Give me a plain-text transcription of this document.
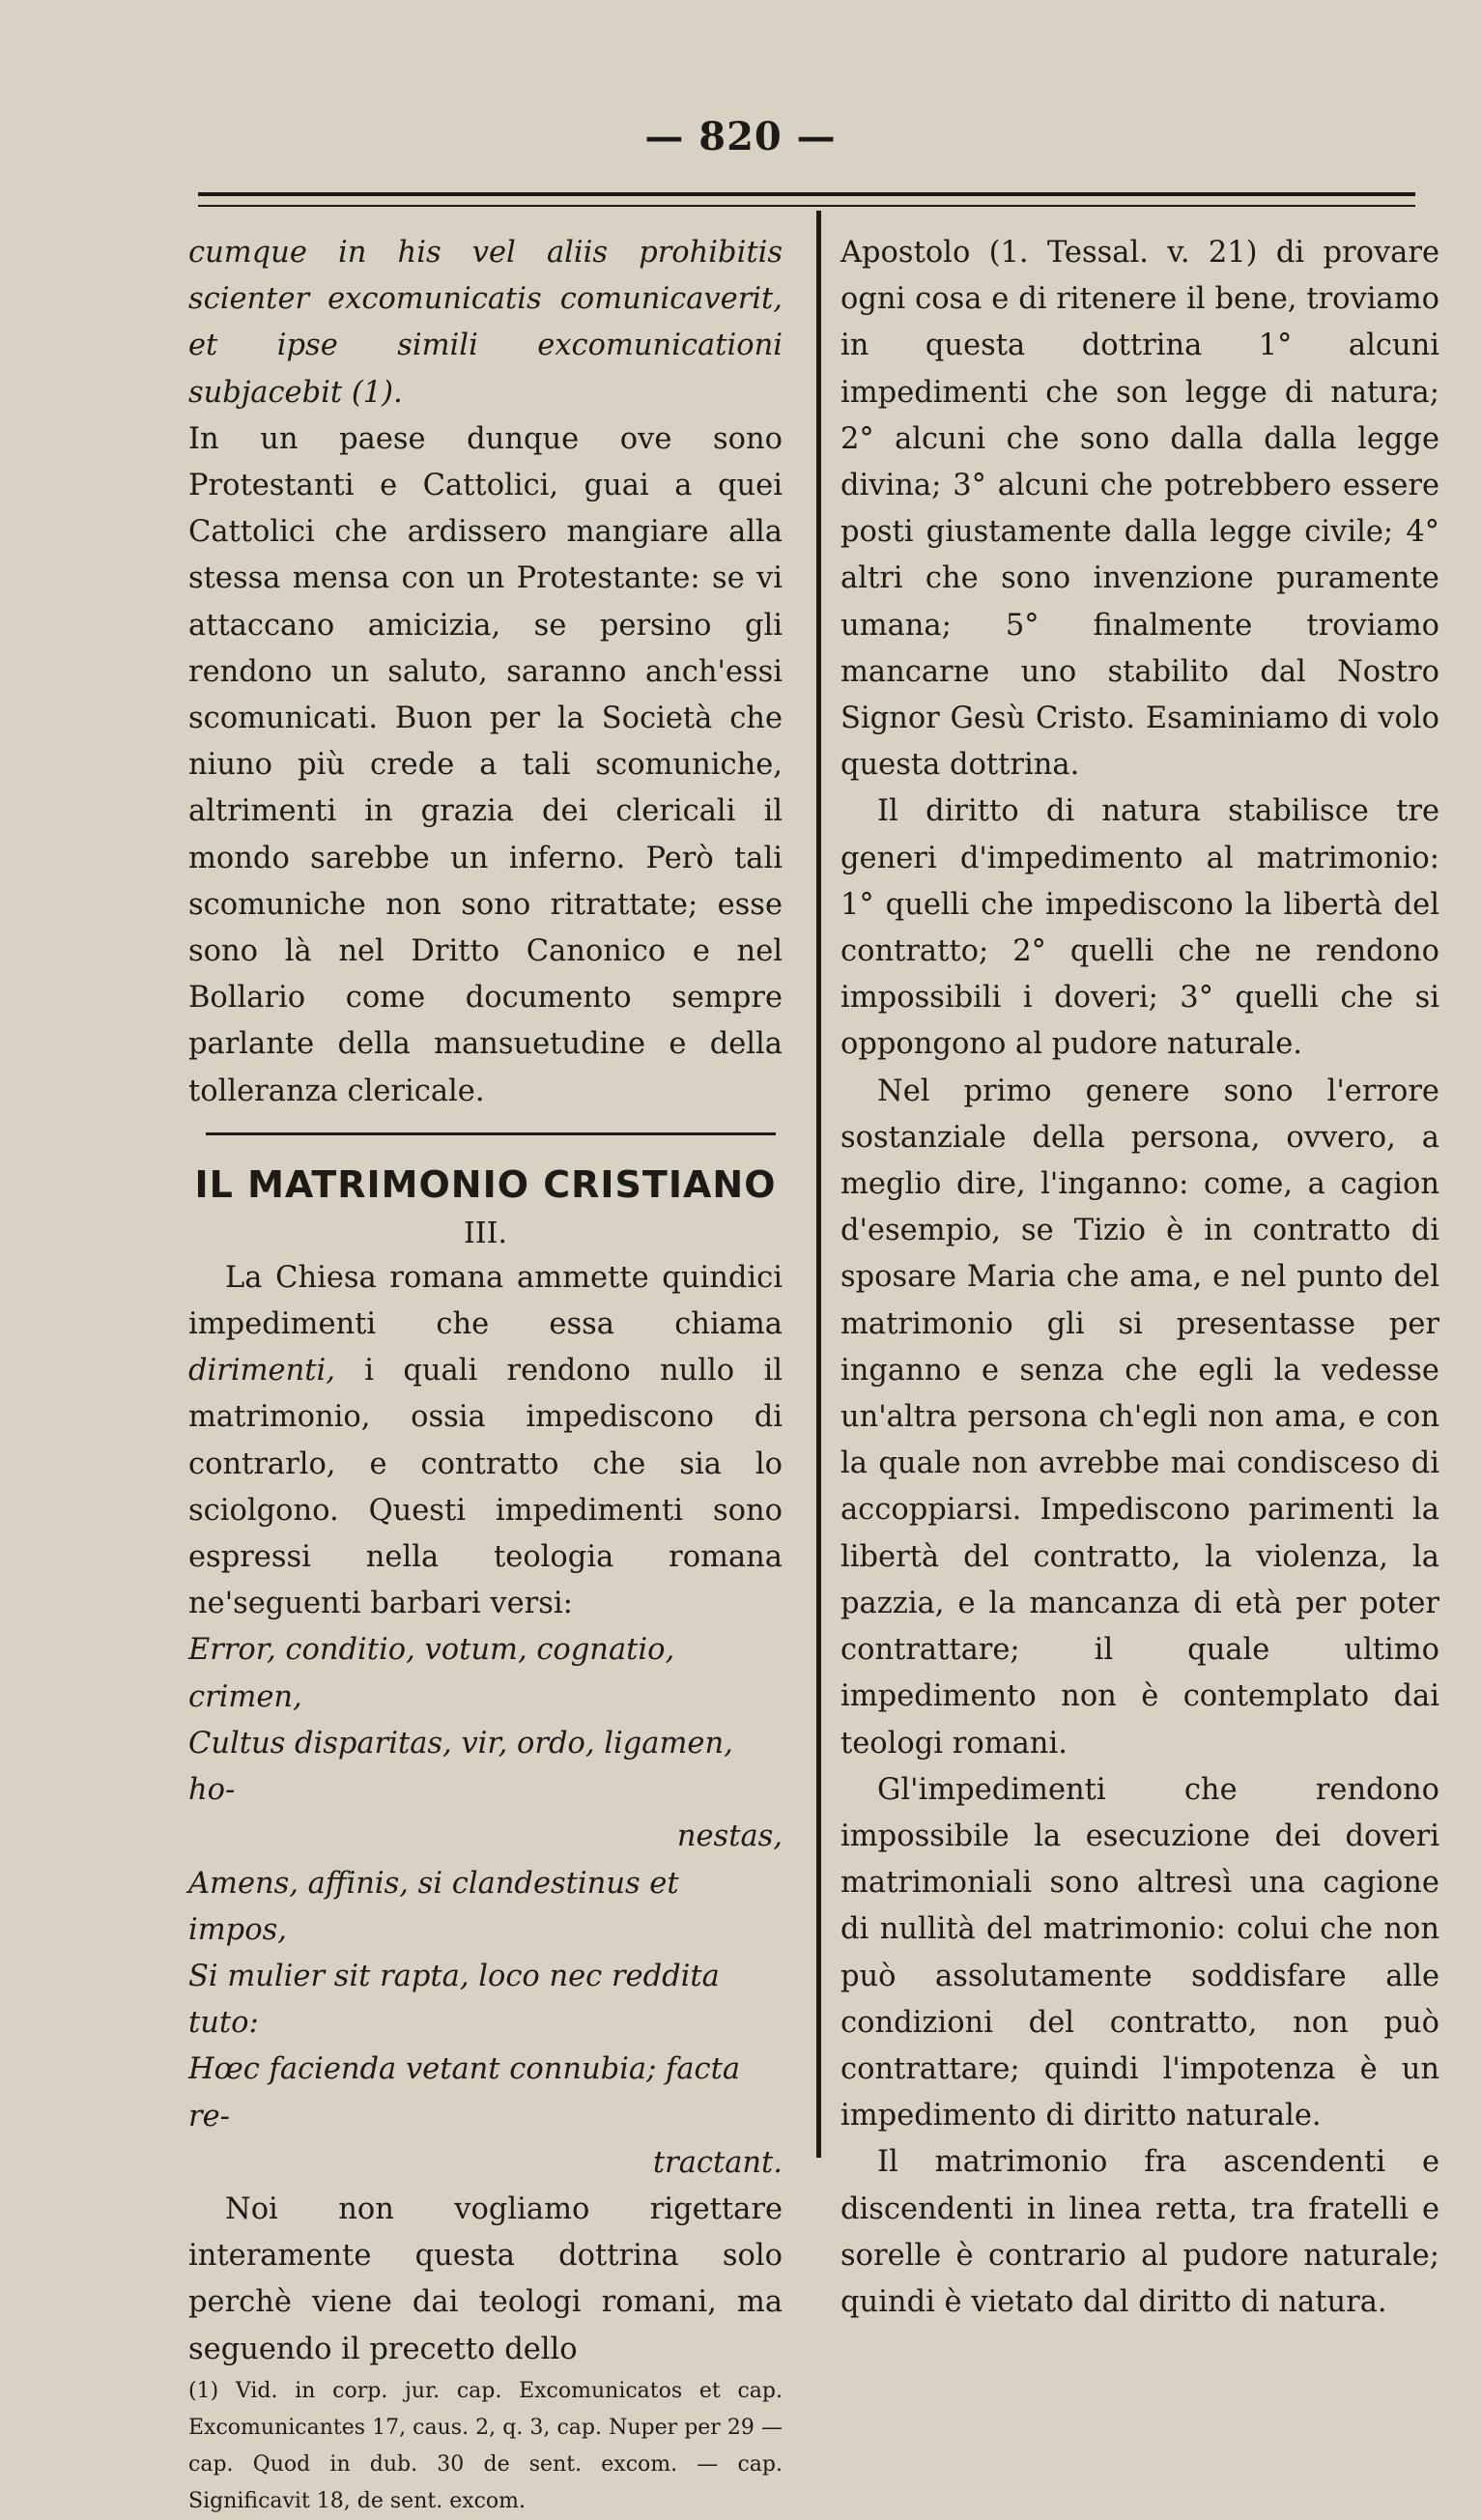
— 820 —

cumque in his vel aliis prohibitis scienter excomunicatis comunicaverit, et ipse simili excomunicationi subjacebit (1).

In un paese dunque ove sono Protestanti e Cattolici, guai a quei Cattolici che ardissero mangiare alla stessa mensa con un Protestante: se vi attaccano amicizia, se persino gli rendono un saluto, saranno anch'essi scomunicati. Buon per la Società che niuno più crede a tali scomuniche, altrimenti in grazia dei clericali il mondo sarebbe un inferno. Però tali scomuniche non sono ritrattate; esse sono là nel Dritto Canonico e nel Bollario come documento sempre parlante della mansuetudine e della tolleranza clericale.

IL MATRIMONIO CRISTIANO
III.

La Chiesa romana ammette quindici impedimenti che essa chiama dirimenti, i quali rendono nullo il matrimonio, ossia impediscono di contrarlo, e contratto che sia lo sciolgono. Questi impedimenti sono espressi nella teologia romana ne'seguenti barbari versi:

Error, conditio, votum, cognatio, crimen,
Cultus disparitas, vir, ordo, ligamen, ho-
nestas,
Amens, affinis, si clandestinus et impos,
Si mulier sit rapta, loco nec reddita tuto:
Hœc facienda vetant connubia; facta re-
tractant.

Noi non vogliamo rigettare interamente questa dottrina solo perchè viene dai teologi romani, ma seguendo il precetto dello

(1) Vid. in corp. jur. cap. Excomunicatos et cap. Excomunicantes 17, caus. 2, q. 3, cap. Nuper per 29 — cap. Quod in dub. 30 de sent. excom. — cap. Significavit 18, de sent. excom.

Apostolo (1. Tessal. v. 21) di provare ogni cosa e di ritenere il bene, troviamo in questa dottrina 1° alcuni impedimenti che son legge di natura; 2° alcuni che sono dalla dalla legge divina; 3° alcuni che potrebbero essere posti giustamente dalla legge civile; 4° altri che sono invenzione puramente umana; 5° finalmente troviamo mancarne uno stabilito dal Nostro Signor Gesù Cristo. Esaminiamo di volo questa dottrina.

Il diritto di natura stabilisce tre generi d'impedimento al matrimonio: 1° quelli che impediscono la libertà del contratto; 2° quelli che ne rendono impossibili i doveri; 3° quelli che si oppongono al pudore naturale.

Nel primo genere sono l'errore sostanziale della persona, ovvero, a meglio dire, l'inganno: come, a cagion d'esempio, se Tizio è in contratto di sposare Maria che ama, e nel punto del matrimonio gli si presentasse per inganno e senza che egli la vedesse un'altra persona ch'egli non ama, e con la quale non avrebbe mai condisceso di accoppiarsi. Impediscono parimenti la libertà del contratto, la violenza, la pazzia, e la mancanza di età per poter contrattare; il quale ultimo impedimento non è contemplato dai teologi romani.

Gl'impedimenti che rendono impossibile la esecuzione dei doveri matrimoniali sono altresì una cagione di nullità del matrimonio: colui che non può assolutamente soddisfare alle condizioni del contratto, non può contrattare; quindi l'impotenza è un impedimento di diritto naturale.

Il matrimonio fra ascendenti e discendenti in linea retta, tra fratelli e sorelle è contrario al pudore naturale; quindi è vietato dal diritto di natura.
